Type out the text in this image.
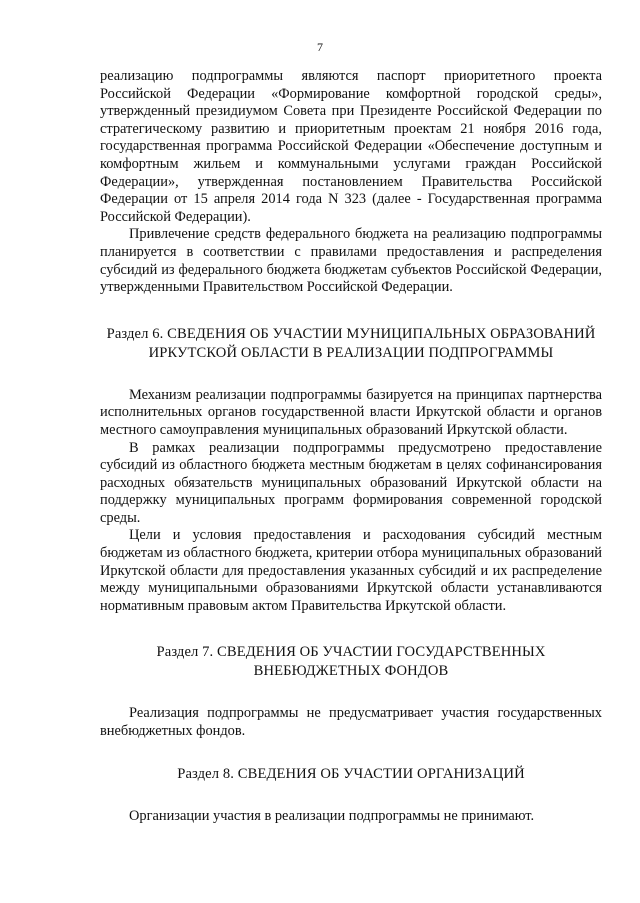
7

реализацию подпрограммы являются паспорт приоритетного проекта Российской Федерации «Формирование комфортной городской среды», утвержденный президиумом Совета при Президенте Российской Федерации по стратегическому развитию и приоритетным проектам 21 ноября 2016 года, государственная программа Российской Федерации «Обеспечение доступным и комфортным жильем и коммунальными услугами граждан Российской Федерации», утвержденная постановлением Правительства Российской Федерации от 15 апреля 2014 года N 323 (далее - Государственная программа Российской Федерации).

Привлечение средств федерального бюджета на реализацию подпрограммы планируется в соответствии с правилами предоставления и распределения субсидий из федерального бюджета бюджетам субъектов Российской Федерации, утвержденными Правительством Российской Федерации.

Раздел 6. СВЕДЕНИЯ ОБ УЧАСТИИ МУНИЦИПАЛЬНЫХ ОБРАЗОВАНИЙ

ИРКУТСКОЙ ОБЛАСТИ В РЕАЛИЗАЦИИ ПОДПРОГРАММЫ

Механизм реализации подпрограммы базируется на принципах партнерства исполнительных органов государственной власти Иркутской области и органов местного самоуправления муниципальных образований Иркутской области.

В рамках реализации подпрограммы предусмотрено предоставление субсидий из областного бюджета местным бюджетам в целях софинансирования расходных обязательств муниципальных образований Иркутской области на поддержку муниципальных программ формирования современной городской среды.

Цели и условия предоставления и расходования субсидий местным бюджетам из областного бюджета, критерии отбора муниципальных образований Иркутской области для предоставления указанных субсидий и их распределение между муниципальными образованиями Иркутской области устанавливаются нормативным правовым актом Правительства Иркутской области.

Раздел 7. СВЕДЕНИЯ ОБ УЧАСТИИ ГОСУДАРСТВЕННЫХ

ВНЕБЮДЖЕТНЫХ ФОНДОВ

Реализация подпрограммы не предусматривает участия государственных внебюджетных фондов.

Раздел 8. СВЕДЕНИЯ ОБ УЧАСТИИ ОРГАНИЗАЦИЙ

Организации участия в реализации подпрограммы не принимают.
